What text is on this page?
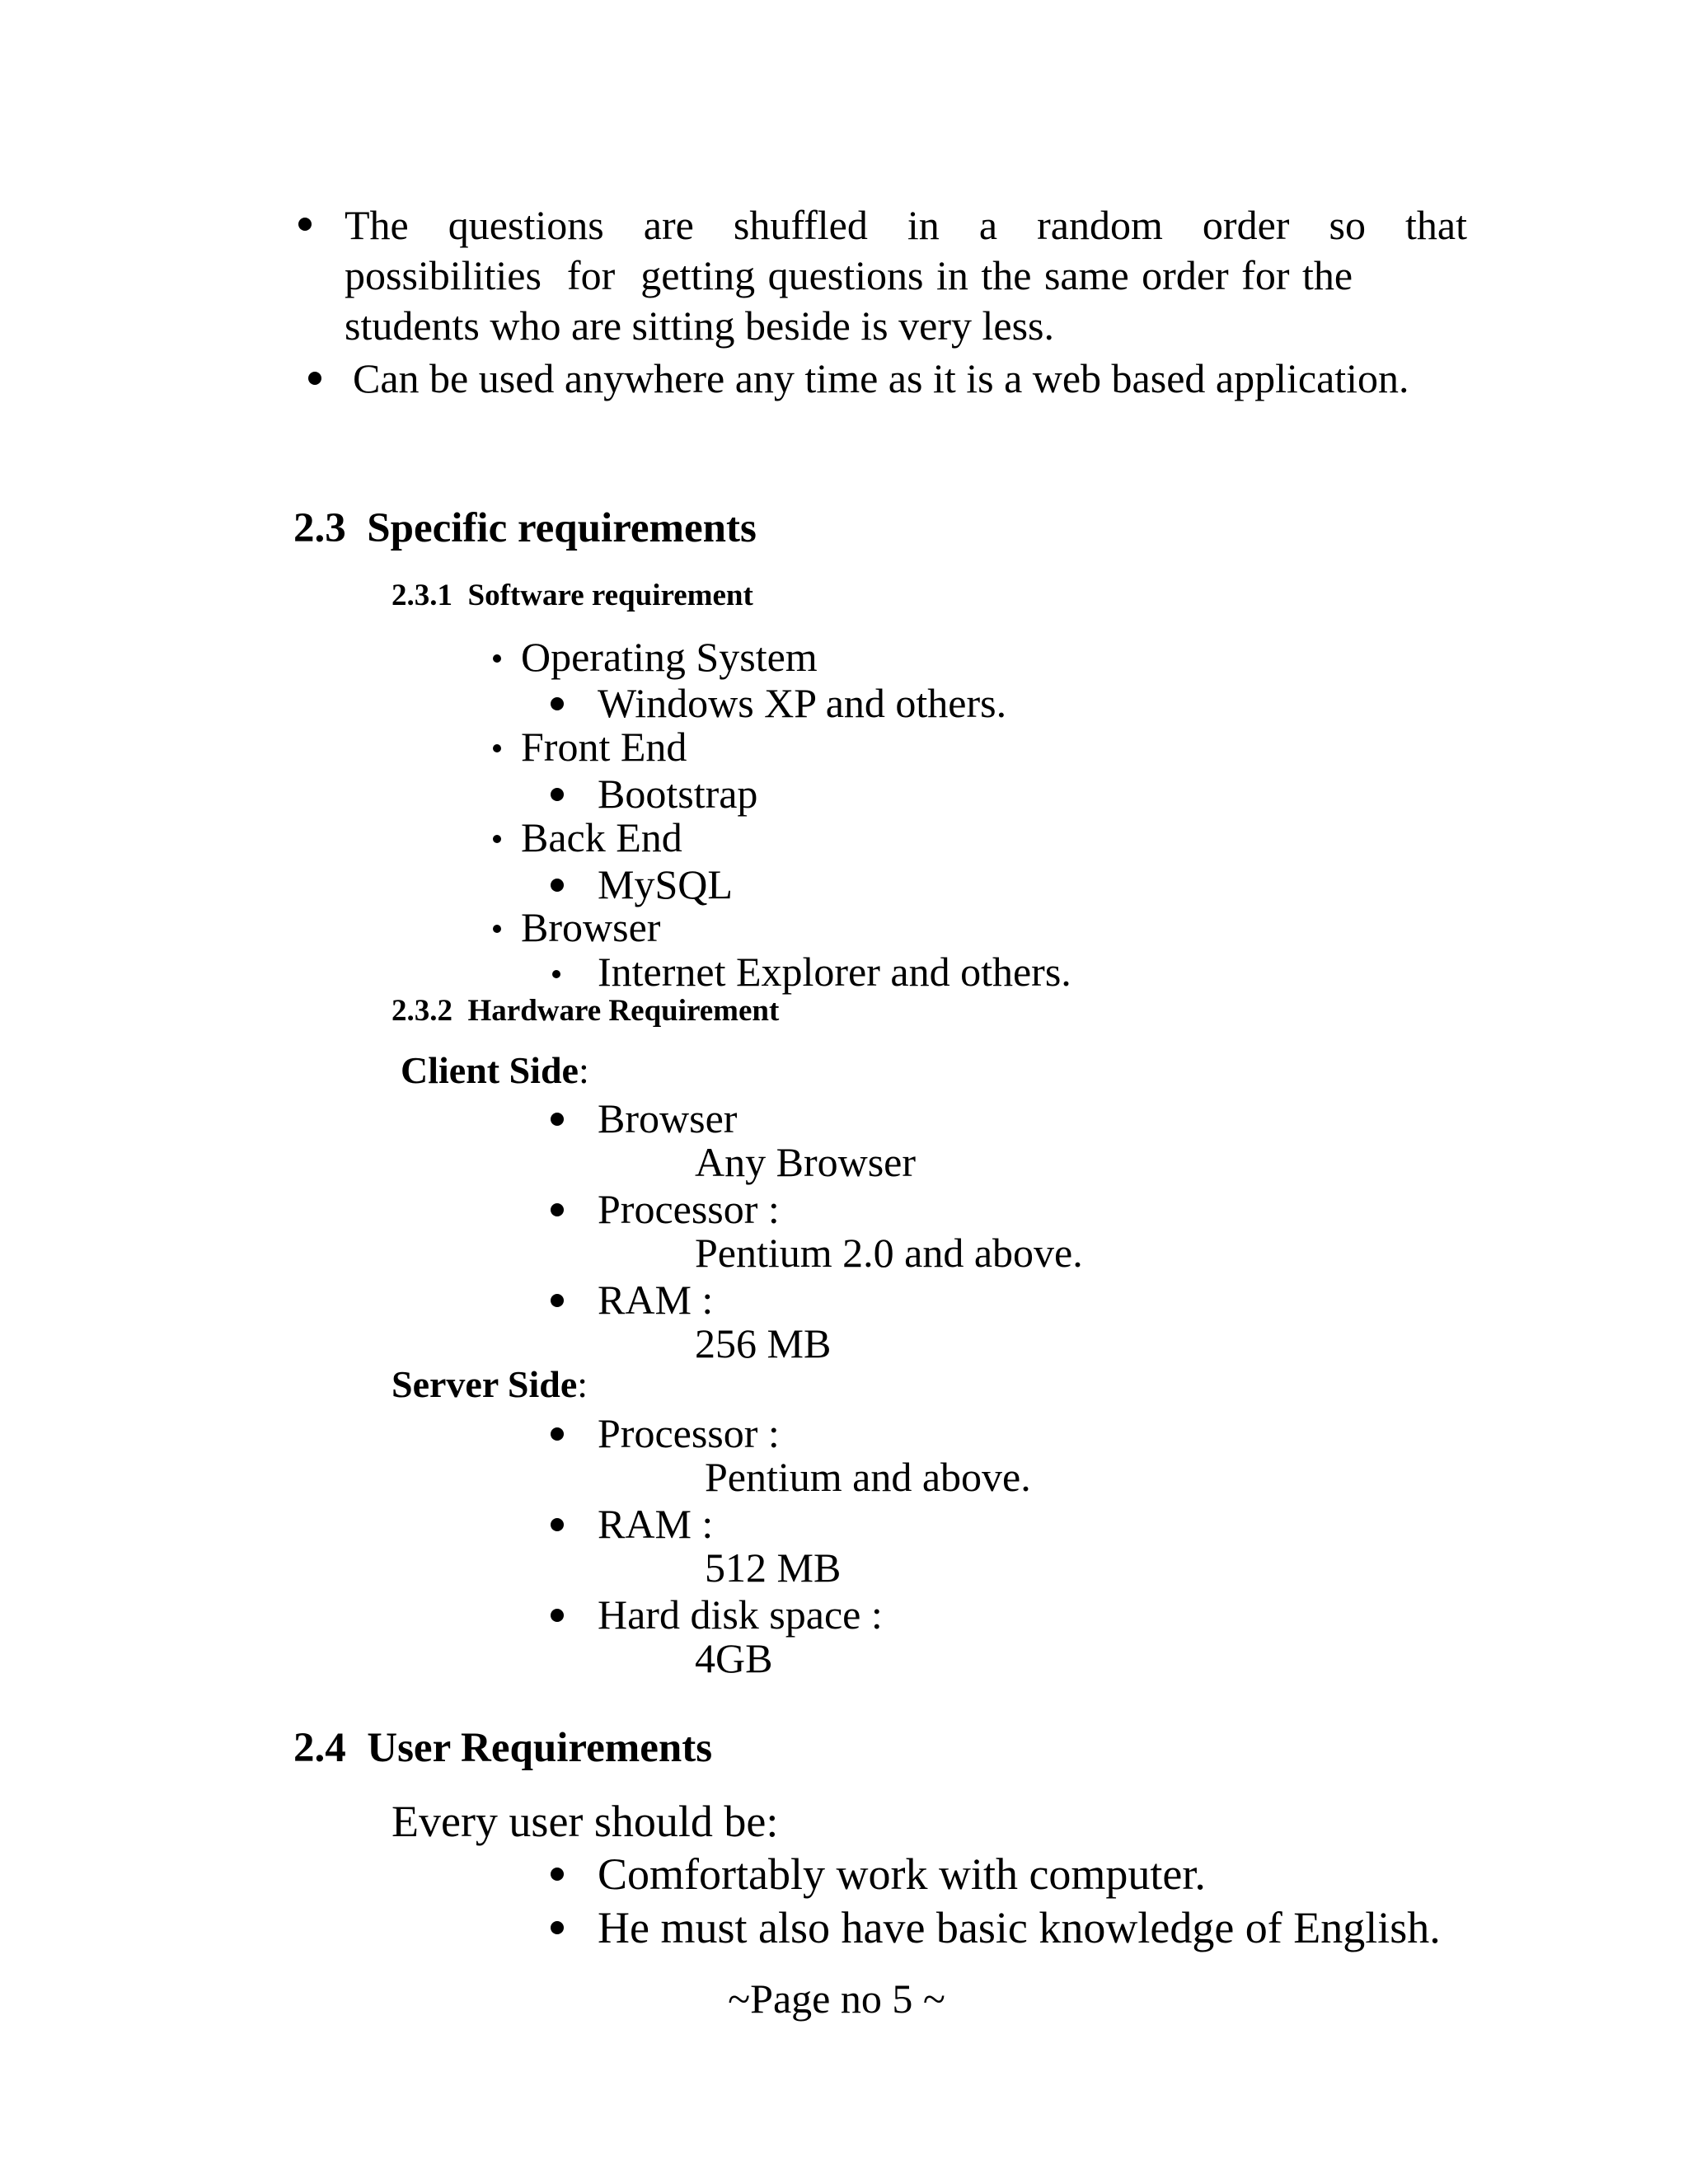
The questions are shuffled in a random order so that
possibilities  for  getting questions in the same order for the
students who are sitting beside is very less.
Can be used anywhere any time as it is a web based application.
2.3  Specific requirements
2.3.1  Software requirement
Operating System
Windows XP and others.
Front End
Bootstrap
Back End
MySQL
Browser
Internet Explorer and others.
2.3.2  Hardware Requirement
Client Side:
Browser
Any Browser
Processor :
Pentium 2.0 and above.
RAM :
256 MB
Server Side:
Processor :
Pentium and above.
RAM :
512 MB
Hard disk space :
4GB
2.4  User Requirements
Every user should be:
Comfortably work with computer.
He must also have basic knowledge of English.
~Page no 5 ~
